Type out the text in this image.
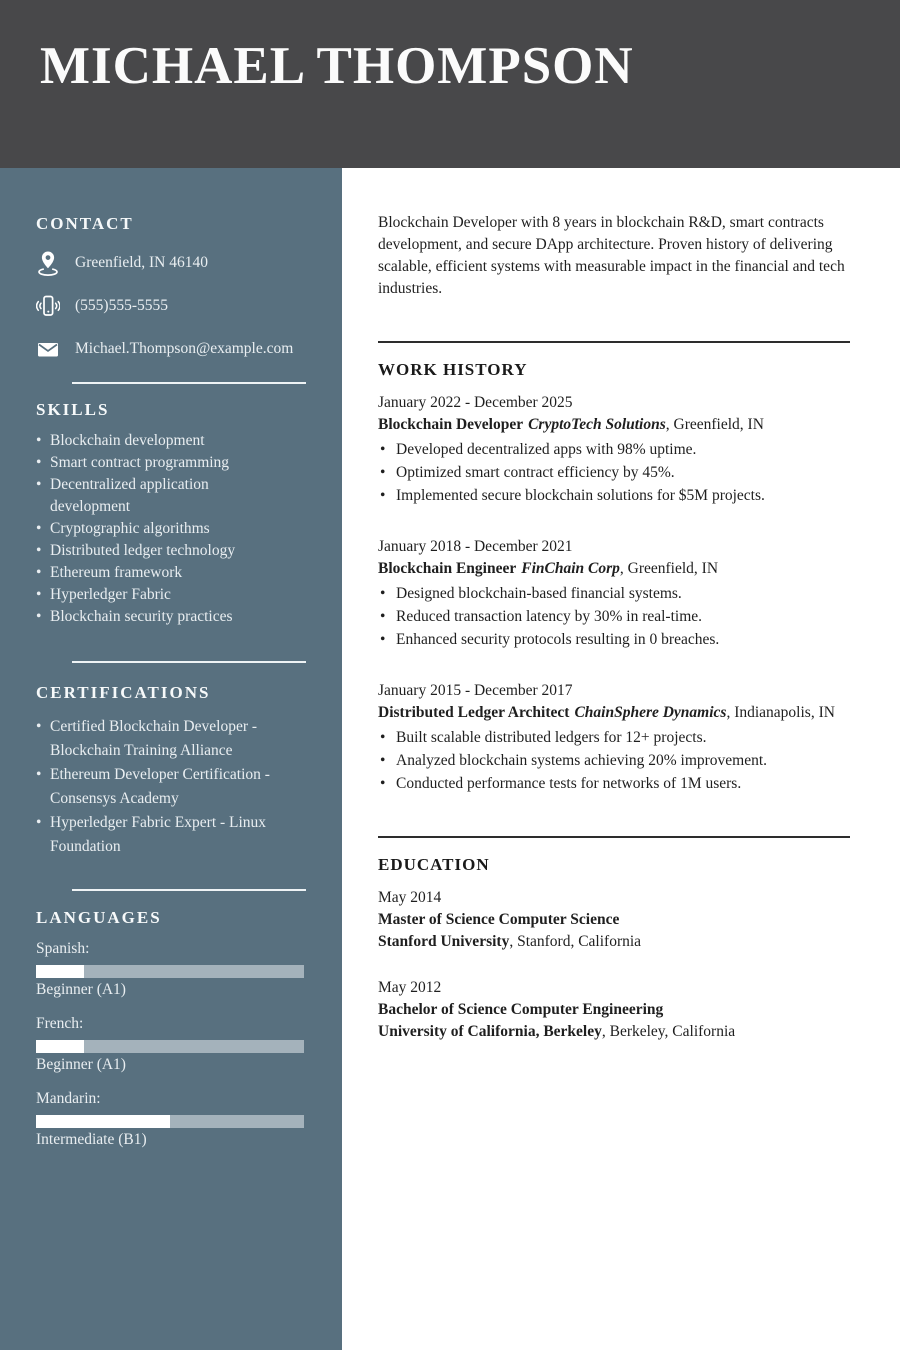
MICHAEL THOMPSON
CONTACT
Greenfield, IN 46140
(555)555-5555
Michael.Thompson@example.com
SKILLS
• Blockchain development
• Smart contract programming
• Decentralized application development
• Cryptographic algorithms
• Distributed ledger technology
• Ethereum framework
• Hyperledger Fabric
• Blockchain security practices
CERTIFICATIONS
• Certified Blockchain Developer - Blockchain Training Alliance
• Ethereum Developer Certification - Consensys Academy
• Hyperledger Fabric Expert - Linux Foundation
LANGUAGES
Spanish:
Beginner (A1)
French:
Beginner (A1)
Mandarin:
Intermediate (B1)
Blockchain Developer with 8 years in blockchain R&D, smart contracts development, and secure DApp architecture. Proven history of delivering scalable, efficient systems with measurable impact in the financial and tech industries.
WORK HISTORY
January 2022 - December 2025
Blockchain Developer CryptoTech Solutions, Greenfield, IN
• Developed decentralized apps with 98% uptime.
• Optimized smart contract efficiency by 45%.
• Implemented secure blockchain solutions for $5M projects.
January 2018 - December 2021
Blockchain Engineer FinChain Corp, Greenfield, IN
• Designed blockchain-based financial systems.
• Reduced transaction latency by 30% in real-time.
• Enhanced security protocols resulting in 0 breaches.
January 2015 - December 2017
Distributed Ledger Architect ChainSphere Dynamics, Indianapolis, IN
• Built scalable distributed ledgers for 12+ projects.
• Analyzed blockchain systems achieving 20% improvement.
• Conducted performance tests for networks of 1M users.
EDUCATION
May 2014
Master of Science Computer Science
Stanford University, Stanford, California
May 2012
Bachelor of Science Computer Engineering
University of California, Berkeley, Berkeley, California
